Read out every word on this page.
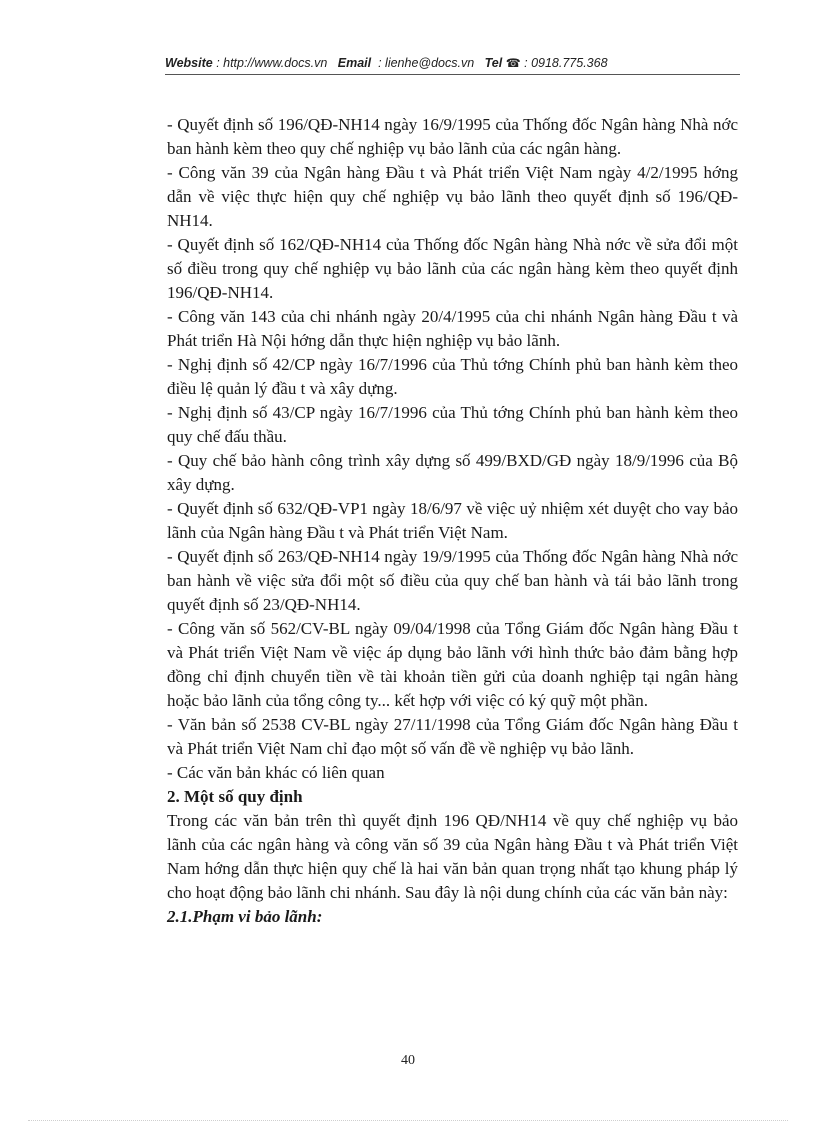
Website : http://www.docs.vn Email : lienhe@docs.vn Tel ☎ : 0918.775.368

- Quyết định số 196/QĐ-NH14 ngày 16/9/1995 của Thống đốc Ngân hàng Nhà nớc ban hành kèm theo quy chế nghiệp vụ bảo lãnh của các ngân hàng.

- Công văn 39 của Ngân hàng Đầu t và Phát triển Việt Nam ngày 4/2/1995 hớng dẫn về việc thực hiện quy chế nghiệp vụ bảo lãnh theo quyết định số 196/QĐ-NH14.

- Quyết định số 162/QĐ-NH14 của Thống đốc Ngân hàng Nhà nớc về sửa đổi một số điều trong quy chế nghiệp vụ bảo lãnh của các ngân hàng kèm theo quyết định 196/QĐ-NH14.

- Công văn 143 của chi nhánh ngày 20/4/1995 của chi nhánh Ngân hàng Đầu t và Phát triển Hà Nội hớng dẫn thực hiện nghiệp vụ bảo lãnh.

- Nghị định số 42/CP ngày 16/7/1996 của Thủ tớng Chính phủ ban hành kèm theo điều lệ quản lý đầu t và xây dựng.

- Nghị định số 43/CP ngày 16/7/1996 của Thủ tớng Chính phủ ban hành kèm theo quy chế đấu thầu.

- Quy chế bảo hành công trình xây dựng số 499/BXD/GĐ ngày 18/9/1996 của Bộ xây dựng.

- Quyết định số 632/QĐ-VP1 ngày 18/6/97 về việc uỷ nhiệm xét duyệt cho vay bảo lãnh của Ngân hàng Đầu t và Phát triển Việt Nam.

- Quyết định số 263/QĐ-NH14 ngày 19/9/1995 của Thống đốc Ngân hàng Nhà nớc ban hành về việc sửa đổi một số điều của quy chế ban hành và tái bảo lãnh trong quyết định số 23/QĐ-NH14.

- Công văn số 562/CV-BL ngày 09/04/1998 của Tổng Giám đốc Ngân hàng Đầu t và Phát triển Việt Nam về việc áp dụng bảo lãnh với hình thức bảo đảm bằng hợp đồng chỉ định chuyển tiền về tài khoản tiền gửi của doanh nghiệp tại ngân hàng hoặc bảo lãnh của tổng công ty... kết hợp với việc có ký quỹ một phần.

- Văn bản số 2538 CV-BL ngày 27/11/1998 của Tổng Giám đốc Ngân hàng Đầu t và Phát triển Việt Nam chỉ đạo một số vấn đề về nghiệp vụ bảo lãnh.

- Các văn bản khác có liên quan

2. Một số quy định

Trong các văn bản trên thì quyết định 196 QĐ/NH14 về quy chế nghiệp vụ bảo lãnh của các ngân hàng và công văn số 39 của Ngân hàng Đầu t và Phát triển Việt Nam hớng dẫn thực hiện quy chế là hai văn bản quan trọng nhất tạo khung pháp lý cho hoạt động bảo lãnh chi nhánh. Sau đây là nội dung chính của các văn bản này:

2.1.Phạm vi bảo lãnh:

40
